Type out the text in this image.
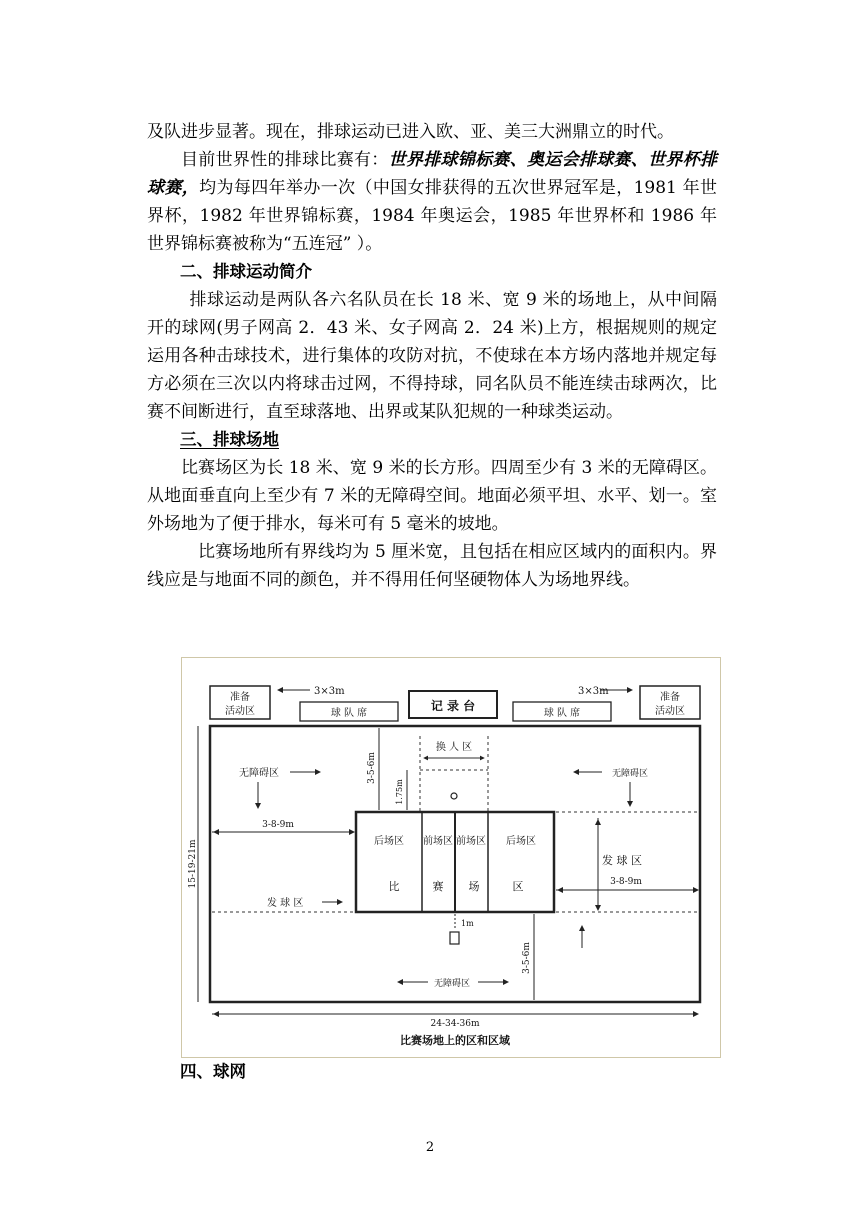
及队进步显著。现在，排球运动已进入欧、亚、美三大洲鼎立的时代。

目前世界性的排球比赛有：世界排球锦标赛、奥运会排球赛、世界杯排球赛，均为每四年举办一次（中国女排获得的五次世界冠军是，1981 年世界杯，1982 年世界锦标赛，1984 年奥运会，1985 年世界杯和 1986 年世界锦标赛被称为“五连冠” ）。

二、排球运动简介

排球运动是两队各六名队员在长 18 米、宽 9 米的场地上，从中间隔开的球网(男子网高 2．43 米、女子网高 2．24 米)上方，根据规则的规定运用各种击球技术，进行集体的攻防对抗，不使球在本方场内落地并规定每方必须在三次以内将球击过网，不得持球，同名队员不能连续击球两次，比赛不间断进行，直至球落地、出界或某队犯规的一种球类运动。

三、排球场地

比赛场区为长 18 米、宽 9 米的长方形。四周至少有 3 米的无障碍区。从地面垂直向上至少有 7 米的无障碍空间。地面必须平坦、水平、划一。室外场地为了便于排水，每米可有 5 毫米的坡地。

比赛场地所有界线均为 5 厘米宽，且包括在相应区域内的面积内。界线应是与地面不同的颜色，并不得用任何坚硬物体人为场地界线。

准备
活动区
准备
活动区
3×3m	3×3m
球 队 席	球 队 席
记 录 台
换 人 区
3-5-6m
1.75m
无障碍区	无障碍区
15-19-21m
3-8-9m
后场区 前场区 前场区 后场区
比	赛 场	区
发 球 区
发 球 区
3-8-9m
1m
3-5-6m
无障碍区
24-34-36m
比赛场地上的区和区域

四、球网

2
